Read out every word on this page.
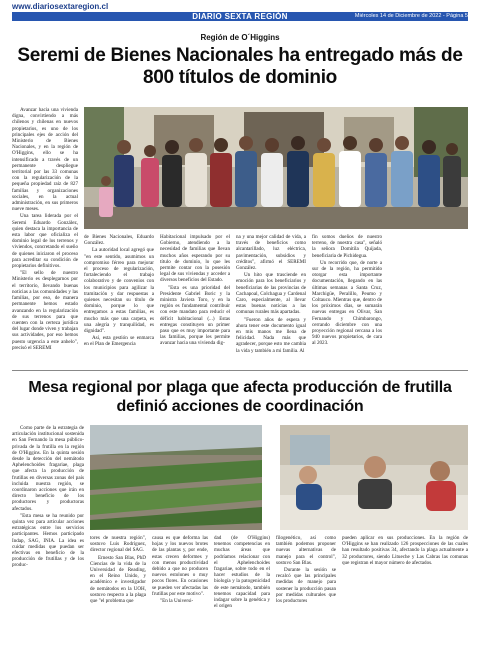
www.diariosextaregion.cl
DIARIO SEXTA REGIÓN	Miércoles 14 de Diciembre de 2022 - Página 5
Región de O´Higgins
Seremi de Bienes Nacionales ha entregado más de 800 títulos de dominio

Avanzar hacia una vivienda digna, convirtiendo a más chilenos y chilenas en nuevos propietarios, es uno de los principales ejes de acción del Ministerio de Bienes Nacionales, y en la región de O'Higgins, ello se ha intensificado a través de un permanente despliegue territorial por las 33 comunas con la regularización de la pequeña propiedad raíz de 827 familias y organizaciones sociales, en la actual administración, en sus primeros nueve meses.

Una tarea liderada por el Seremi Eduardo González, quien destaca la importancia de esta labor que oficializa el dominio legal de los terrenos y viviendos, concretando el sueño de quienes iniciaron el proceso para acreditar su condición de propietarios definitivos.

"El sello de nuestro Ministerio es desplegarnos por el territorio, llevando buenas noticias a las comunidades y las familias, por eso, de manera permanente hemos estado avanzando en la regularización de sus terrenos para que cuenten con la certeza jurídica del lugar donde viven y trabajan sus actividades, por eso hemos puesto urgencia a este anhelo", precisó el SEREMI

de Bienes Nacionales, Eduardo González.

La autoridad local agregó que "en este sentido, asumimos un compromiso férreo para mejorar el proceso de regularización, fortaleciendo el trabajo colaborativo y de convenios con los municipios para agilizar la tramitación y dar respuestas a quienes necesitan su título de dominio, porque lo que entregamos a estas familias, es mucho más que una carpeta, es una alegría y tranquilidad, es dignidad".

Así, esta gestión se enmarca en el Plan de Emergencia

Habitacional impulsado por el Gobierno, atendiendo a la necesidad de familias que llevan muchos años esperando por su título de dominio, lo que les permite contar con la posesión legal de sus viviendas y acceder a diversos beneficios del Estado.

"Esta es una prioridad del Presidente Gabriel Boric y la ministra Javiera Toro, y en la región es fundamental contribuir con este mandato para reducir el déficit habitacional (...) Estas entregas constituyen un primer paso que es muy importante para las familias, porque les permite avanzar hacia una vivienda dig-

na y una mejor calidad de vida, a través de beneficios como alcantarillado, luz eléctrica, pavimentación, subsidios y créditos", afirmó el SEREMI González.

Un hito que trasciende en emoción para los beneficiarios y beneficiarias de las provincias de Cachapoal, Colchagua y Cardenal Caro, especialmente, al llevar estas buenas noticias a las comunas rurales más apartadas.

"Fueron años de espera y ahora tener este documento igual en mis manos me llena de felicidad. Nada más que agradecer, porque esto me cambia la vida y también a mi familia. Al

fin somos dueños de nuestro terreno, de nuestra casa", señaló la señora Domitila Quijada, beneficiaria de Pichidegua.

Un recorrido que, de norte a sur de la región, ha permitido otorgar esta importante documentación, llegando en las últimas semanas a Santa Cruz, Marchigüe, Peralillo, Peumo y Coltauco. Mientras que, dentro de los próximos días, se sumarán nuevas entregas en Olivar, San Fernando y Chimbarongo, cerrando diciembre con una proyección regional cercana a los 940 nuevos propietarios, de cara al 2023.

Mesa regional por plaga que afecta producción de frutilla definió acciones de coordinación

Como parte de la estrategia de articulación institucional sostenida en San Fernando la mesa público-privada de la frutilla en la región de O'Higgins. En la quinta sesión desde la detección del nemátodo Aphelenchoides fragariae, plaga que afecta la producción de frutillas en diversas zonas del país incluida nuestra región, se coordinaron acciones que irán en directo beneficio de los productores y productoras afectados.

"Esta mesa se ha reunido por quinta vez para articular acciones estratégicas entre los servicios participantes. Hemos participado Indap, SAG, INIA. La idea es cuidar medidas que puedan ser efectivas en beneficio de la producción de frutillas y de los produc-

tores de nuestra región", sostuvo Luis Rodríguez, director regional del SAG.

Ernesto San Blas, PhD Ciencias de la vida de la Universidad de Reading, en el Reino Unido, y académico e investigador de nemátodos en la UOH, sostuvo respecto a la plaga que "el problema que

causa es que deforma las hojas y los nuevos brotes de las plantas y, por ende, estas crecen deformes y con menos productividad debido a que no producen nuevos estolones o muy pocos flores. En ocasiones se pueden ver afectadas las frutillas por este motivo".

"En la Universi-

dad (de O'Higgins) tenemos competencias en muchas áreas que podríamos relacionar con el Aphelenchoides fragariae, sobre todo en el hacer estudios de la biología y la patogenicidad de este nemátodo, también tenemos capacidad para indagar sobre la genética y el origen

filogenético, así como también podemos proponer nuevas alternativas de manejo para el control", sostuvo San Blas.

Durante la sesión se recalcó que las principales medidas de manejo para sostener la producción pasan por medidas culturales que los productores

pueden aplicar en sus producciones. En la región de O'Higgins se han realizado 126 prospecciones de las cuales han resultado positivas 34, afectando la plaga actualmente a 32 productores, siendo Litueche y Las Cabras las comunas que registran el mayor número de afectados.
